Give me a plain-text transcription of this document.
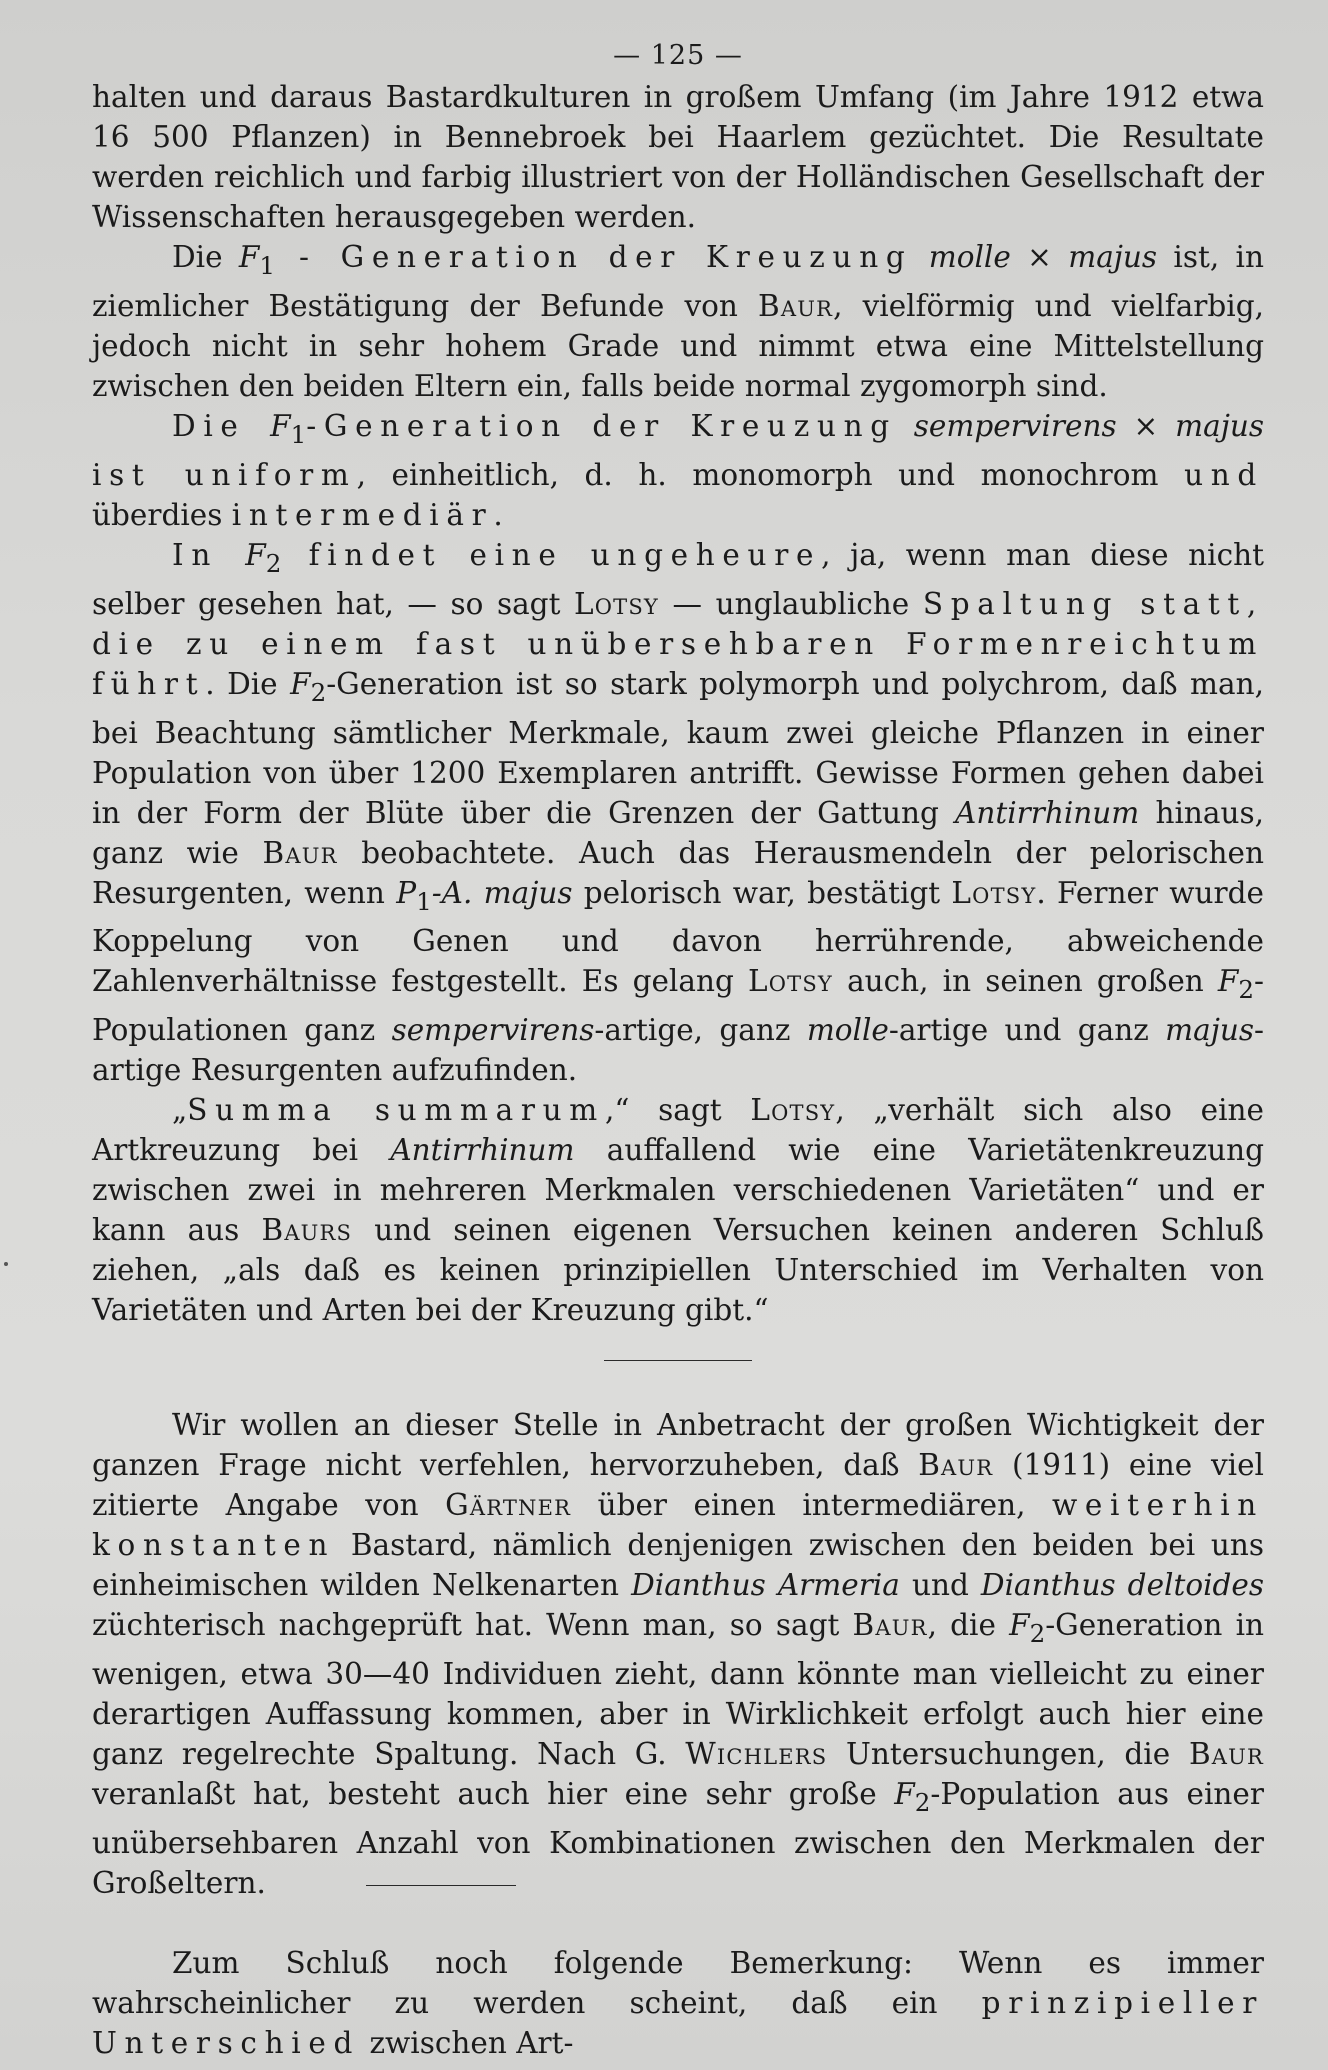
— 125 —

halten und daraus Bastardkulturen in großem Umfang (im Jahre 1912 etwa 16 500 Pflanzen) in Bennebroek bei Haarlem gezüchtet. Die Resultate werden reichlich und farbig illustriert von der Holländischen Gesellschaft der Wissenschaften herausgegeben werden.

Die $F_1$ - Generation der Kreuzung molle × majus ist, in ziemlicher Bestätigung der Befunde von Baur, vielförmig und vielfarbig, jedoch nicht in sehr hohem Grade und nimmt etwa eine Mittelstellung zwischen den beiden Eltern ein, falls beide normal zygomorph sind.

Die $F_1$-Generation der Kreuzung sempervirens × majus ist uniform, einheitlich, d. h. monomorph und monochrom und überdies intermediär.

In $F_2$ findet eine ungeheure, ja, wenn man diese nicht selber gesehen hat, — so sagt Lotsy — unglaubliche Spaltung statt, die zu einem fast unübersehbaren Formenreichtum führt. Die $F_2$-Generation ist so stark polymorph und polychrom, daß man, bei Beachtung sämtlicher Merkmale, kaum zwei gleiche Pflanzen in einer Population von über 1200 Exemplaren antrifft. Gewisse Formen gehen dabei in der Form der Blüte über die Grenzen der Gattung Antirrhinum hinaus, ganz wie Baur beobachtete. Auch das Herausmendeln der pelorischen Resurgenten, wenn $P_1-A$. majus pelorisch war, bestätigt Lotsy. Ferner wurde Koppelung von Genen und davon herrührende, abweichende Zahlenverhältnisse festgestellt. Es gelang Lotsy auch, in seinen großen $F_2$-Populationen ganz sempervirens-artige, ganz molle-artige und ganz majus-artige Resurgenten aufzufinden.

„Summa summarum,“ sagt Lotsy, „verhält sich also eine Artkreuzung bei Antirrhinum auffallend wie eine Varietätenkreuzung zwischen zwei in mehreren Merkmalen verschiedenen Varietäten“ und er kann aus Baurs und seinen eigenen Versuchen keinen anderen Schluß ziehen, „als daß es keinen prinzipiellen Unterschied im Verhalten von Varietäten und Arten bei der Kreuzung gibt.“

Wir wollen an dieser Stelle in Anbetracht der großen Wichtigkeit der ganzen Frage nicht verfehlen, hervorzuheben, daß Baur (1911) eine viel zitierte Angabe von Gärtner über einen intermediären, weiterhin konstanten Bastard, nämlich denjenigen zwischen den beiden bei uns einheimischen wilden Nelkenarten Dianthus Armeria und Dianthus deltoides züchterisch nachgeprüft hat. Wenn man, so sagt Baur, die $F_2$-Generation in wenigen, etwa 30—40 Individuen zieht, dann könnte man vielleicht zu einer derartigen Auffassung kommen, aber in Wirklichkeit erfolgt auch hier eine ganz regelrechte Spaltung. Nach G. Wichlers Untersuchungen, die Baur veranlaßt hat, besteht auch hier eine sehr große $F_2$-Population aus einer unübersehbaren Anzahl von Kombinationen zwischen den Merkmalen der Großeltern.

Zum Schluß noch folgende Bemerkung: Wenn es immer wahrscheinlicher zu werden scheint, daß ein prinzipieller Unterschied zwischen Art-
